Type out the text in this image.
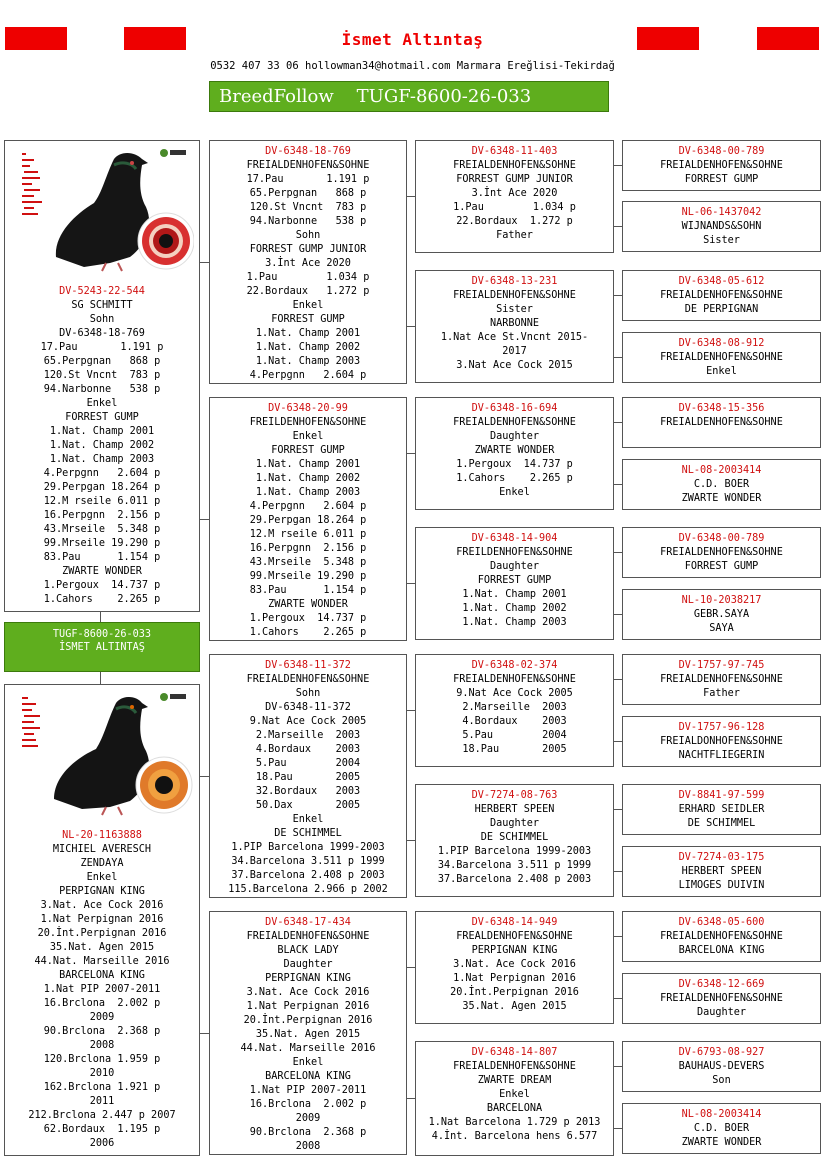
İsmet Altıntaş
0532 407 33 06 hollowman34@hotmail.com Marmara Ereğlisi-Tekirdağ
BreedFollow TUGF-8600-26-033
DV-5243-22-544
SG SCHMITT
Sohn
DV-6348-18-769
17.Pau       1.191 p
65.Perpgnan   868 p
120.St Vncnt  783 p
94.Narbonne   538 p
Enkel
FORREST GUMP
1.Nat. Champ 2001
1.Nat. Champ 2002
1.Nat. Champ 2003
4.Perpgnn   2.604 p
29.Perpgan 18.264 p
12.M rseile 6.011 p
16.Perpgnn  2.156 p
43.Mrseile  5.348 p
99.Mrseile 19.290 p
83.Pau      1.154 p
ZWARTE WONDER
1.Pergoux  14.737 p
1.Cahors    2.265 p
TUGF-8600-26-033
İSMET ALTINTAŞ
NL-20-1163888
MICHIEL AVERESCH
ZENDAYA
Enkel
PERPIGNAN KING
3.Nat. Ace Cock 2016
1.Nat Perpignan 2016
20.İnt.Perpignan 2016
35.Nat. Agen 2015
44.Nat. Marseille 2016
BARCELONA KING
1.Nat PIP 2007-2011
16.Brclona  2.002 p
2009
90.Brclona  2.368 p
2008
120.Brclona 1.959 p
2010
162.Brclona 1.921 p
2011
212.Brclona 2.447 p 2007
62.Bordaux  1.195 p
2006
DV-6348-18-769
FREIALDENHOFEN&SOHNE
17.Pau       1.191 p
65.Perpgnan   868 p
120.St Vncnt  783 p
94.Narbonne   538 p
Sohn
FORREST GUMP JUNIOR
3.İnt Ace 2020
1.Pau        1.034 p
22.Bordaux   1.272 p
Enkel
FORREST GUMP
1.Nat. Champ 2001
1.Nat. Champ 2002
1.Nat. Champ 2003
4.Perpgnn   2.604 p
DV-6348-20-99
FREILDENHOFEN&SOHNE
Enkel
FORREST GUMP
1.Nat. Champ 2001
1.Nat. Champ 2002
1.Nat. Champ 2003
4.Perpgnn   2.604 p
29.Perpgan 18.264 p
12.M rseile 6.011 p
16.Perpgnn  2.156 p
43.Mrseile  5.348 p
99.Mrseile 19.290 p
83.Pau      1.154 p
ZWARTE WONDER
1.Pergoux  14.737 p
1.Cahors    2.265 p
DV-6348-11-372
FREIALDENHOFEN&SOHNE
Sohn
DV-6348-11-372
9.Nat Ace Cock 2005
2.Marseille  2003
4.Bordaux    2003
5.Pau        2004
18.Pau       2005
32.Bordaux   2003
50.Dax       2005
Enkel
DE SCHIMMEL
1.PIP Barcelona 1999-2003
34.Barcelona 3.511 p 1999
37.Barcelona 2.408 p 2003
115.Barcelona 2.966 p 2002
DV-6348-17-434
FREIALDENHOFEN&SOHNE
BLACK LADY
Daughter
PERPIGNAN KING
3.Nat. Ace Cock 2016
1.Nat Perpignan 2016
20.İnt.Perpignan 2016
35.Nat. Agen 2015
44.Nat. Marseille 2016
Enkel
BARCELONA KING
1.Nat PIP 2007-2011
16.Brclona  2.002 p
2009
90.Brclona  2.368 p
2008
DV-6348-11-403
FREIALDENHOFEN&SOHNE
FORREST GUMP JUNIOR
3.İnt Ace 2020
1.Pau        1.034 p
22.Bordaux  1.272 p
Father
DV-6348-13-231
FREIALDENHOFEN&SOHNE
Sister
NARBONNE
1.Nat Ace St.Vncnt 2015-
2017
3.Nat Ace Cock 2015
DV-6348-16-694
FREIALDENHOFEN&SOHNE
Daughter
ZWARTE WONDER
1.Pergoux  14.737 p
1.Cahors    2.265 p
Enkel
DV-6348-14-904
FREILDENHOFEN&SOHNE
Daughter
FORREST GUMP
1.Nat. Champ 2001
1.Nat. Champ 2002
1.Nat. Champ 2003
DV-6348-02-374
FREIALDENHOFEN&SOHNE
9.Nat Ace Cock 2005
2.Marseille  2003
4.Bordaux    2003
5.Pau        2004
18.Pau       2005
DV-7274-08-763
HERBERT SPEEN
Daughter
DE SCHIMMEL
1.PIP Barcelona 1999-2003
34.Barcelona 3.511 p 1999
37.Barcelona 2.408 p 2003
DV-6348-14-949
FREALDENHOFEN&SOHNE
PERPIGNAN KING
3.Nat. Ace Cock 2016
1.Nat Perpignan 2016
20.İnt.Perpignan 2016
35.Nat. Agen 2015
DV-6348-14-807
FREIALDENHOFEN&SOHNE
ZWARTE DREAM
Enkel
BARCELONA
1.Nat Barcelona 1.729 p 2013
4.İnt. Barcelona hens 6.577
DV-6348-00-789
FREIALDENHOFEN&SOHNE
FORREST GUMP
NL-06-1437042
WIJNANDS&SOHN
Sister
DV-6348-05-612
FREIALDENHOFEN&SOHNE
DE PERPIGNAN
DV-6348-08-912
FREIALDENHOFEN&SOHNE
Enkel
DV-6348-15-356
FREIALDENHOFEN&SOHNE
NL-08-2003414
C.D. BOER
ZWARTE WONDER
DV-6348-00-789
FREIALDENHOFEN&SOHNE
FORREST GUMP
NL-10-2038217
GEBR.SAYA
SAYA
DV-1757-97-745
FREIALDENHOFEN&SOHNE
Father
DV-1757-96-128
FREIALDONHOFEN&SOHNE
NACHTFLIEGERIN
DV-8841-97-599
ERHARD SEIDLER
DE SCHIMMEL
DV-7274-03-175
HERBERT SPEEN
LIMOGES DUIVIN
DV-6348-05-600
FREIALDENHOFEN&SOHNE
BARCELONA KING
DV-6348-12-669
FREIALDENHOFEN&SOHNE
Daughter
DV-6793-08-927
BAUHAUS-DEVERS
Son
NL-08-2003414
C.D. BOER
ZWARTE WONDER
